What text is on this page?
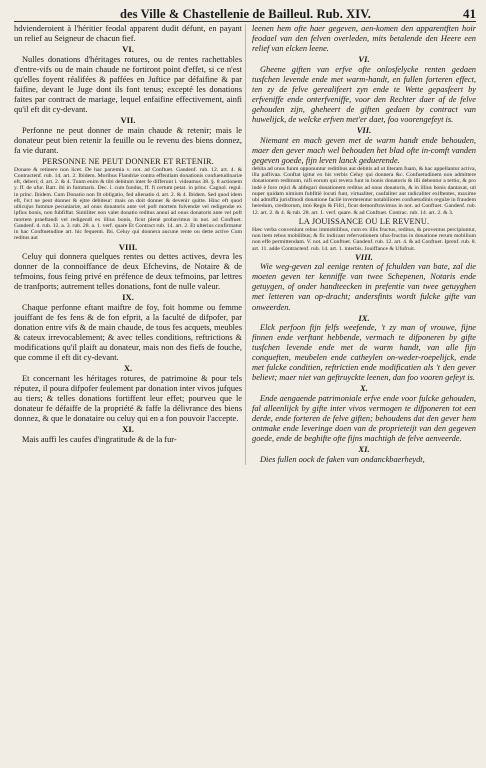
des Ville & Chastellenie de Bailleul. Rub. XIV.	41

hdvienderoient à l'héritier feodal apparent dudit défunt, en payant un relief au Seigneur de chacun fief.

VI.

Nulles donations d'héritages rotures, ou de rentes rachettables d'entre-vifs ou de main chaude ne fortiront point d'effet, si ce n'est qu'elles foyent réalifées & paffées en Juftice par défaifine & par faifine, devant le Juge dont ils font tenus; excepté les donations faites par contract de mariage, lequel enfaifine effectivement, ainfi qu'il eft dit cy-devant.

VII.

Perfonne ne peut donner de main chaude & retenir; mais le donateur peut bien retenir la feuille ou le revenu des biens donnez, fa vie durant.

PERSONNE NE PEUT DONNER ET RETENIR.

Donare & retinere non licet. De hac paræmia v. not. ad Conftuet. Gandenf. rub. 12. art. 4. & Contractenf. rub. 14. art. 2. Ibidem. Moribus Flandriæ contra effentiam donationis confuetudinariæ eft, deberi; d. art. 2. & 4. Tunm enim & tibi debitum inter fe differunt l. videamus 38. §. 8 actionem y. ff. de ufur. Bart. ibi in fummaris. Dec. l. cum fundus, ff. fi certum petat. in princ. Cagnol. regul. in princ. Ibidem. Cum Donatio non fit obligatio, fed alienatio d. art. 2. & 4. Ibidem. Sed quod idem eft, l'e:t ne peut donner & ejtre debiteur: mais on doit donner & devenir quitte. Hinc eft quod ullicujus fummæ pecuniariæ, ad onus donatoris ante vel poft mortem folvendæ vel redigendæ ex ipfius bonis, non fubfiftat. Similiter non valet donatio reditus annui ad onus donatoris ante vel poft mortem praeftandi vel redigendi ex illius bonis, ficut plenè probavimus in not. ad Conftuet. Gandenf. d. rub. 12. a. 3. rub. 28. a. 1. verf. quare Et Contract rub. 14. art. 2. Et ulterius confirmatur in hac Conftuetudine art. hic fequenti. Ibi. Celuy qui donnera aucune rente ou dette active Cum reditus aut

VIII.

Celuy qui donnera quelques rentes ou dettes actives, devra les donner de la connoiffance de deux Efchevins, de Notaire & de tefmoins, fous feing privé en préfence de deux tefmoins, par lettres de tranfports; autrement telles donations, font de nulle valeur.

IX.

Chaque perfonne eftant maiftre de foy, foit homme ou femme jouiffant de fes fens & de fon efprit, a la faculté de difpofer, par donation entre vifs & de main chaude, de tous fes acquets, meubles & cateux irrevocablement; & avec telles conditions, reftrictions & modifications qu'il plaift au donateur, mais non des fiefs de fouche, que comme il eft dit cy-devant.

X.

Et concernant les héritages rotures, de patrimoine & pour tels réputez, il poura difpofer feulement par donation inter vivos jufques au tiers; & telles donations fortiffent leur effet; pourveu que le donateur fe défaiffe de la propriété & faffe la délivrance des biens donnez, & que le donataire ou celuy qui en a fon pouvoir l'accepte.

XI.

Mais auffi les caufes d'ingratitude & de la fur-

leenen hem ofte haer gegeven, aen-komen den apparentften hoir feodael van den felven overleden, mits betalende den Heere een relief van elcken leene.

VI.

Gheene giften van erfve ofte onlosfelycke renten gedaen tusfchen levende ende met warm-handt, en fullen forteren effect, ten zy de felve gerealifeert zyn ende te Wette gepasfeert by erfveniffe ende onterfveniffe, voor den Rechter daer af de felve gehouden zijn, gheheert de giften gedaen by contract van huwelijck, de welcke erfven met'er daet, foo voorengefeyt is.

VII.

Niemant en mach geven met de warm handt ende behouden, maer den gever mach wel behouden het blad ofte in-comft vanden gegeven goede, fijn leven lanck geduerende.

debita ad onus funm opponuntur reditibus aut debitis ad ut literam fuam, & hac appellantur activa, illa paflivaa. Conftat igitur ex his verbis Celuy qui donnera &c. Confuetudinem non admittere donationem reditnum, nifi eorum qui revera funt in bonis donatoris & illi debentur a tertio, & pro indè è foro rejici & abfegari donationem reditus ad onus donatoris, & in illius bonis dantaxat, uti nuper quidam nimium fubfitiè locuti funt, virtualiter, caufaliter aut radicaliter exiftentes, maxime ubi admiffa jurisfmodi donatione facilè inverterentur notabiliores confuetudinis regulæ in fraudem heredum, creditorum, imò Regis & Fifci, ficut demonftravimus in not. ad Conftuet. Gandenf. rub. 12. art. 2. & 4. & rub. 28. art. 1. verf. quare. & ad Conftuet. Contrac. rub. 14. art. 2. & 3.

LA JOUISSANCE OU LE REVENU.

Hæc verba conveniunt rebus immobilibus, cum ex illis fructus, reditus, & proventus percipiuntur, non item rebus mobilibus; & fic indicant refervationem ufus-fructus in donatione rerum mobilium non effe permittendam. V. not. ad Conftuet. Gandenf. rub. 12. art. 4. & ad Conftuet. Iprenf. rub. 8. art. 11. adde Contractenf. rub. 14. art. 1. interbis. Jouiffance & Ufufruit.

VIII.

Wie weg-geven zal eenige renten of fchulden van bate, zal die moeten geven ter kenniffe van twee Schepenen, Notaris ende getuygen, of onder handteecken in prefentie van twee getuyghen met letteren van op-dracht; andersfints wordt fulcke gifte van onweerden.

IX.

Elck perfoon fijn felfs weefende, 't zy man of vrouwe, fijne finnen ende verftant hebbende, vermach te difponeren by gifte tusfchen levende ende met de warm handt, van alle fijn conqueften, meubelen ende catheylen on-weder-roepelijck, ende met fulcke conditien, reftrictien ende modificatien als 't den gever believt; maer niet van geftruyckte leenen, dan foo vooren gefeyt is.

X.

Ende aengaende patrimoniale erfve ende voor fulcke gehouden, fal alleenlijck by gifte inter vivos vermogen te difponeren tot een derde, ende forteren de felve giften; behoudens dat den gever hem ontmake ende leveringe doen van de proprieteijt van den gegeven goede, ende de beghifte ofte fijns machtigh de felve aenveerde.

XI.

Dies fullen oock de faken van ondanckbaerheydt,
